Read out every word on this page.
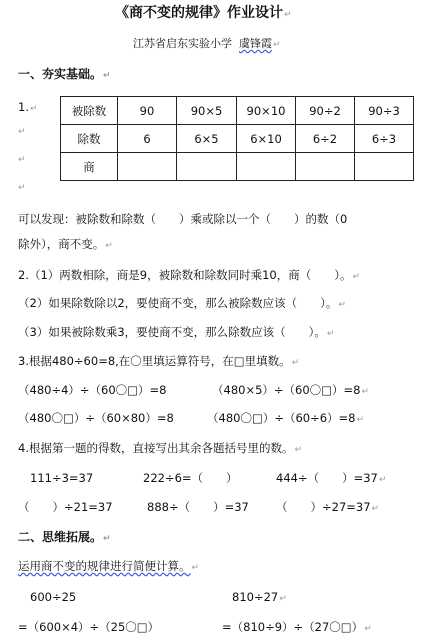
《商不变的规律》作业设计↵
江苏省启东实验小学 虞锋霞↵
一、夯实基础。↵
1.↵
↵
↵
↵
被除数	90	90×5	90×10	90÷2	90÷3
除数	6	6×5	6×10	6÷2	6÷3
商					
可以发现：被除数和除数（　　）乘或除以一个（　　）的数（0
除外），商不变。↵
2.（1）两数相除，商是9，被除数和除数同时乘10，商（　　）。↵
（2）如果除数除以2，要使商不变，那么被除数应该（　　）。↵
（3）如果被除数乘3，要使商不变，那么除数应该（　　）。↵
3.根据480÷60=8,在〇里填运算符号，在□里填数。↵
（480÷4）÷（60〇□）=8	（480×5）÷（60〇□）=8↵
（480〇□）÷（60×80）=8	（480〇□）÷（60÷6）=8↵
4.根据第一题的得数，直接写出其余各题括号里的数。↵
111÷3=37	222÷6=（　　）	444÷（　　）=37↵
（　　）÷21=37	888÷（　　）=37 （　　）÷27=37↵
二、思维拓展。↵
运用商不变的规律进行简便计算。↵
600÷25	810÷27↵
=（600×4）÷（25〇□）	=（810÷9）÷（27〇□）↵
